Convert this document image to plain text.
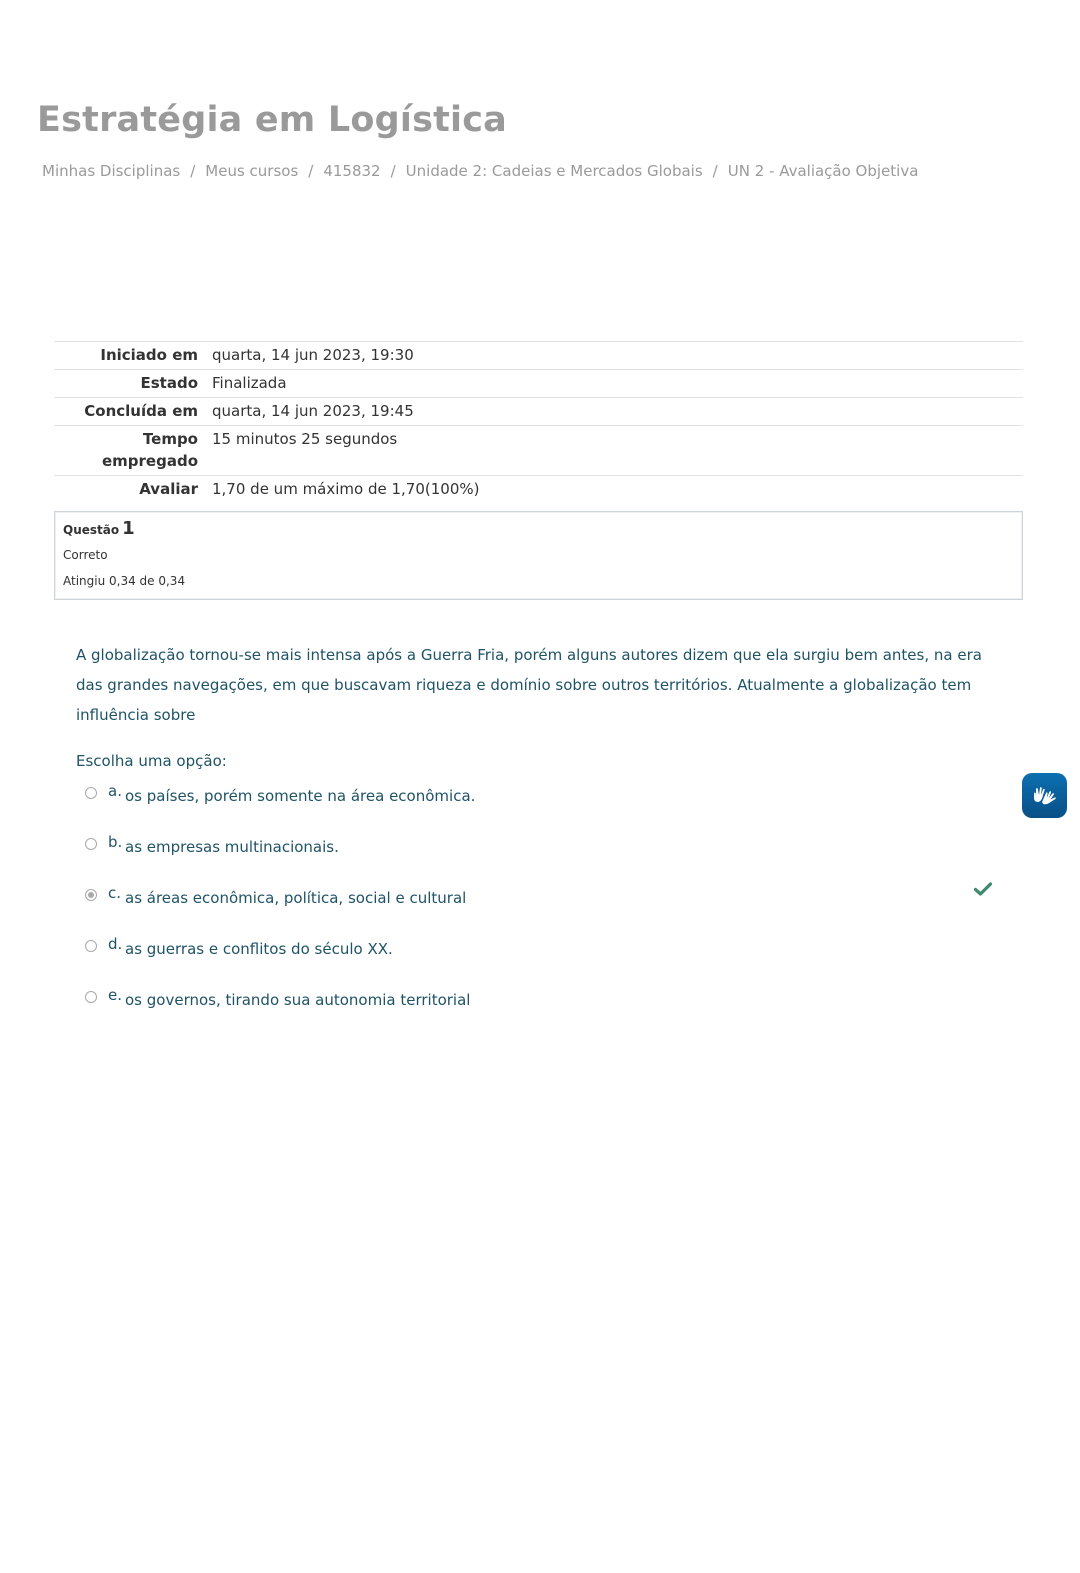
Estratégia em Logística
Minhas Disciplinas / Meus cursos / 415832 / Unidade 2: Cadeias e Mercados Globais / UN 2 - Avaliação Objetiva
Iniciado em	quarta, 14 jun 2023, 19:30
Estado	Finalizada
Concluída em	quarta, 14 jun 2023, 19:45
Tempo empregado	15 minutos 25 segundos
Avaliar	1,70 de um máximo de 1,70(100%)
Questão 1
Correto
Atingiu 0,34 de 0,34
A globalização tornou-se mais intensa após a Guerra Fria, porém alguns autores dizem que ela surgiu bem antes, na era das grandes navegações, em que buscavam riqueza e domínio sobre outros territórios. Atualmente a globalização tem influência sobre
Escolha uma opção:
a. os países, porém somente na área econômica.
b. as empresas multinacionais.
c. as áreas econômica, política, social e cultural
d. as guerras e conflitos do século XX.
e. os governos, tirando sua autonomia territorial
